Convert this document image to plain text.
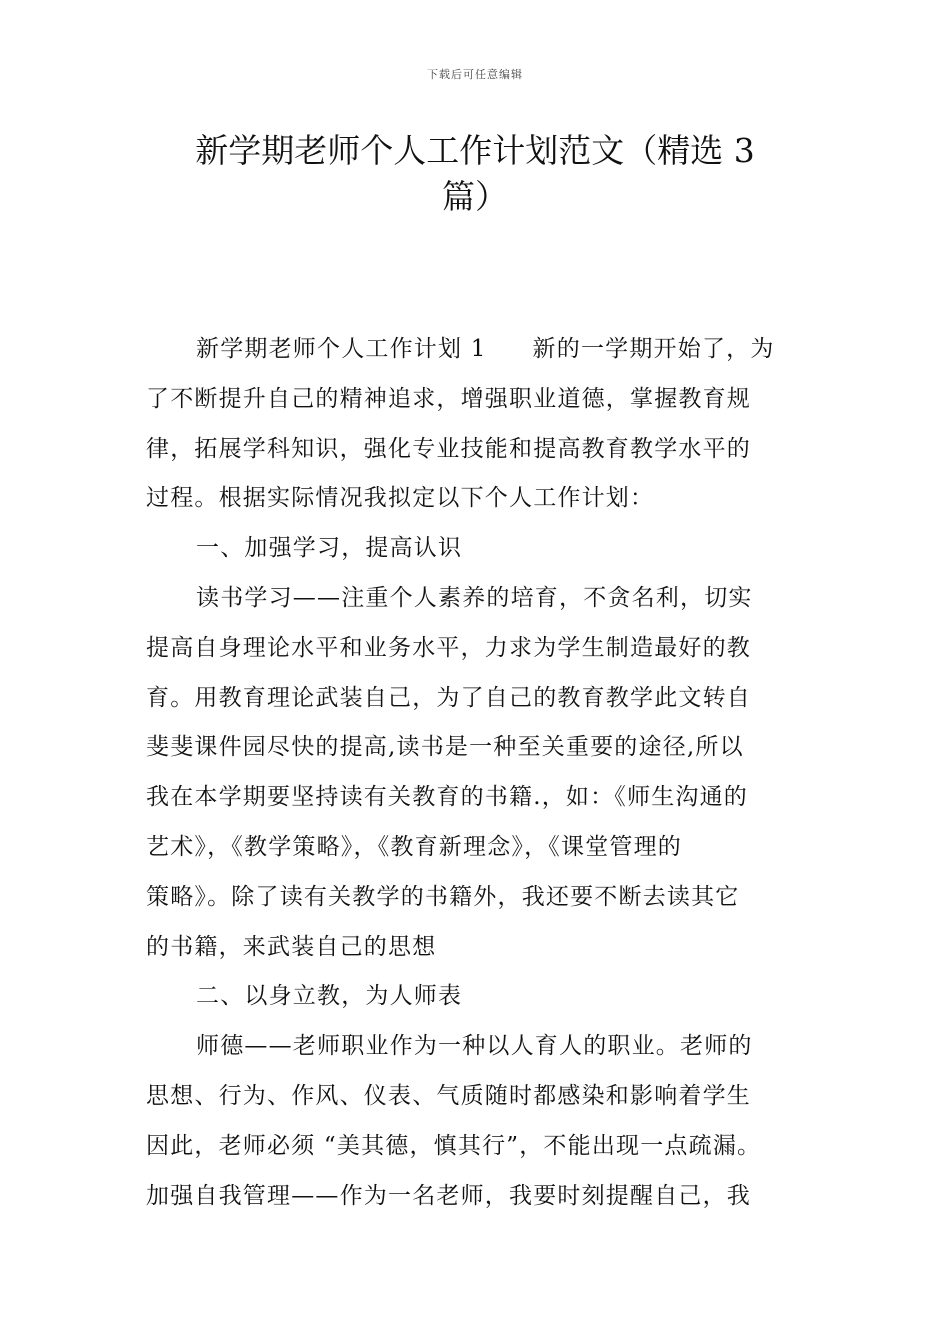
下载后可任意编辑
新学期老师个人工作计划范文（精选 3
篇）
新学期老师个人工作计划 1 新的一学期开始了，为
了不断提升自己的精神追求，增强职业道德，掌握教育规
律，拓展学科知识，强化专业技能和提高教育教学水平的
过程。根据实际情况我拟定以下个人工作计划：
一、加强学习，提高认识
读书学习——注重个人素养的培育，不贪名利，切实
提高自身理论水平和业务水平，力求为学生制造最好的教
育。用教育理论武装自己，为了自己的教育教学此文转自
斐斐课件园尽快的提高,读书是一种至关重要的途径,所以
我在本学期要坚持读有关教育的书籍.，如：《师生沟通的
艺术》，《教学策略》，《教育新理念》，《课堂管理的
策略》。除了读有关教学的书籍外，我还要不断去读其它
的书籍，来武装自己的思想
二、以身立教，为人师表
师德——老师职业作为一种以人育人的职业。老师的
思想、行为、作风、仪表、气质随时都感染和影响着学生
因此，老师必须 “美其德，慎其行”，不能出现一点疏漏。
加强自我管理——作为一名老师，我要时刻提醒自己，我
